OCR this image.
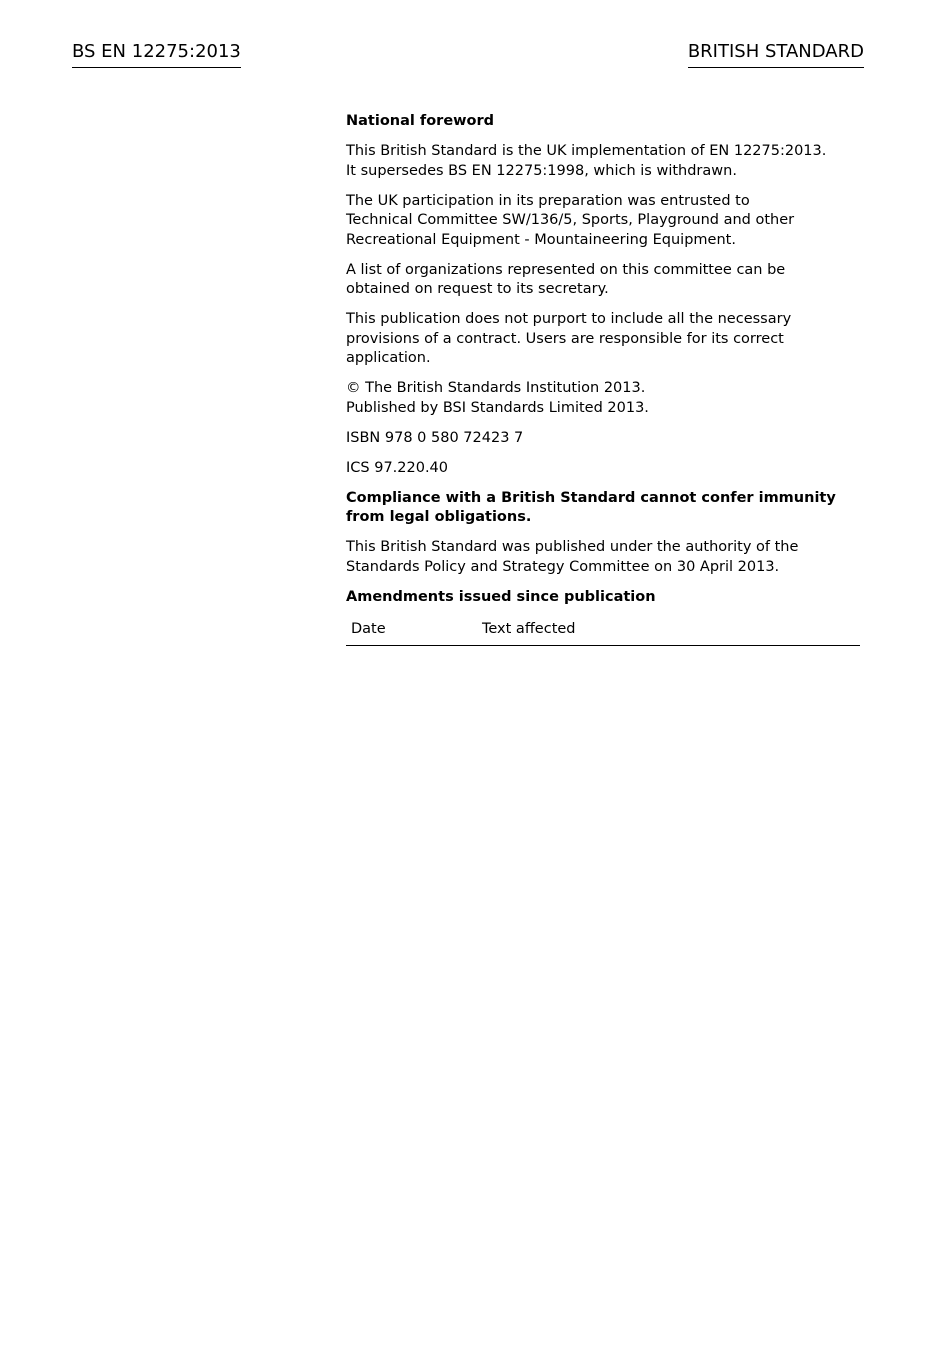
BS EN 12275:2013	BRITISH STANDARD

National foreword

This British Standard is the UK implementation of EN 12275:2013.
It supersedes BS EN 12275:1998, which is withdrawn.

The UK participation in its preparation was entrusted to
Technical Committee SW/136/5, Sports, Playground and other
Recreational Equipment - Mountaineering Equipment.

A list of organizations represented on this committee can be
obtained on request to its secretary.

This publication does not purport to include all the necessary
provisions of a contract. Users are responsible for its correct
application.

© The British Standards Institution 2013.
Published by BSI Standards Limited 2013.

ISBN 978 0 580 72423 7

ICS 97.220.40

Compliance with a British Standard cannot confer immunity
from legal obligations.

This British Standard was published under the authority of the
Standards Policy and Strategy Committee on 30 April 2013.

Amendments issued since publication

Date	Text affected
